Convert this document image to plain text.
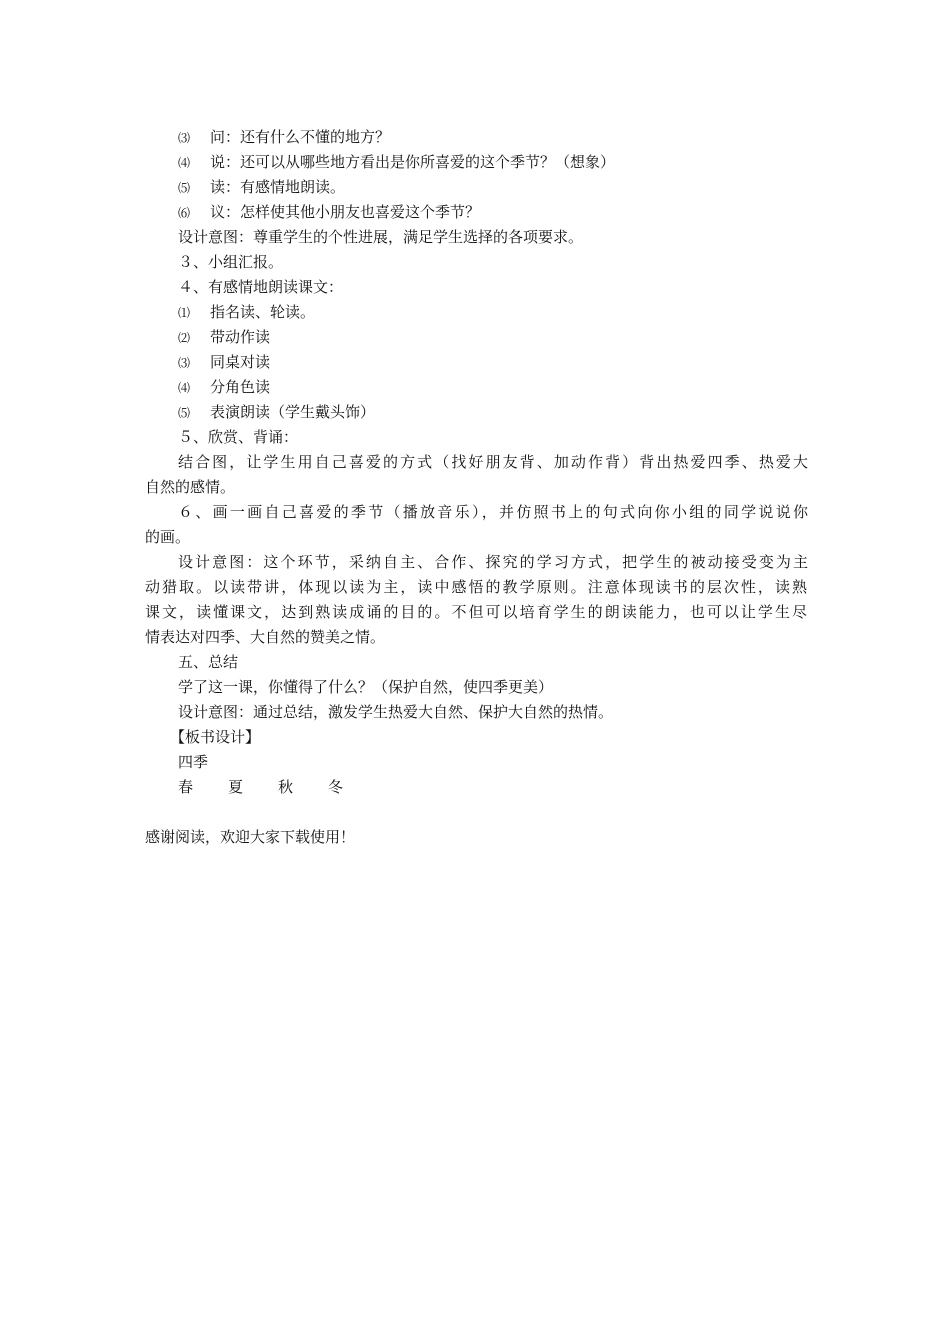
⑶ 问：还有什么不懂的地方？
⑷ 说：还可以从哪些地方看出是你所喜爱的这个季节？（想象）
⑸ 读：有感情地朗读。
⑹ 议：怎样使其他小朋友也喜爱这个季节？
设计意图：尊重学生的个性进展，满足学生选择的各项要求。
３、小组汇报。
４、有感情地朗读课文：
⑴ 指名读、轮读。
⑵ 带动作读
⑶ 同桌对读
⑷ 分角色读
⑸ 表演朗读（学生戴头饰）
５、欣赏、背诵：
结合图，让学生用自己喜爱的方式（找好朋友背、加动作背）背出热爱四季、热爱大
自然的感情。
６、画一画自己喜爱的季节（播放音乐），并仿照书上的句式向你小组的同学说说你
的画。
设计意图：这个环节，采纳自主、合作、探究的学习方式，把学生的被动接受变为主
动猎取。以读带讲，体现以读为主，读中感悟的教学原则。注意体现读书的层次性，读熟
课文，读懂课文，达到熟读成诵的目的。不但可以培育学生的朗读能力，也可以让学生尽
情表达对四季、大自然的赞美之情。
五、总结
学了这一课，你懂得了什么？（保护自然，使四季更美）
设计意图：通过总结，激发学生热爱大自然、保护大自然的热情。
【板书设计】
四季
春 夏 秋 冬
感谢阅读，欢迎大家下载使用！
